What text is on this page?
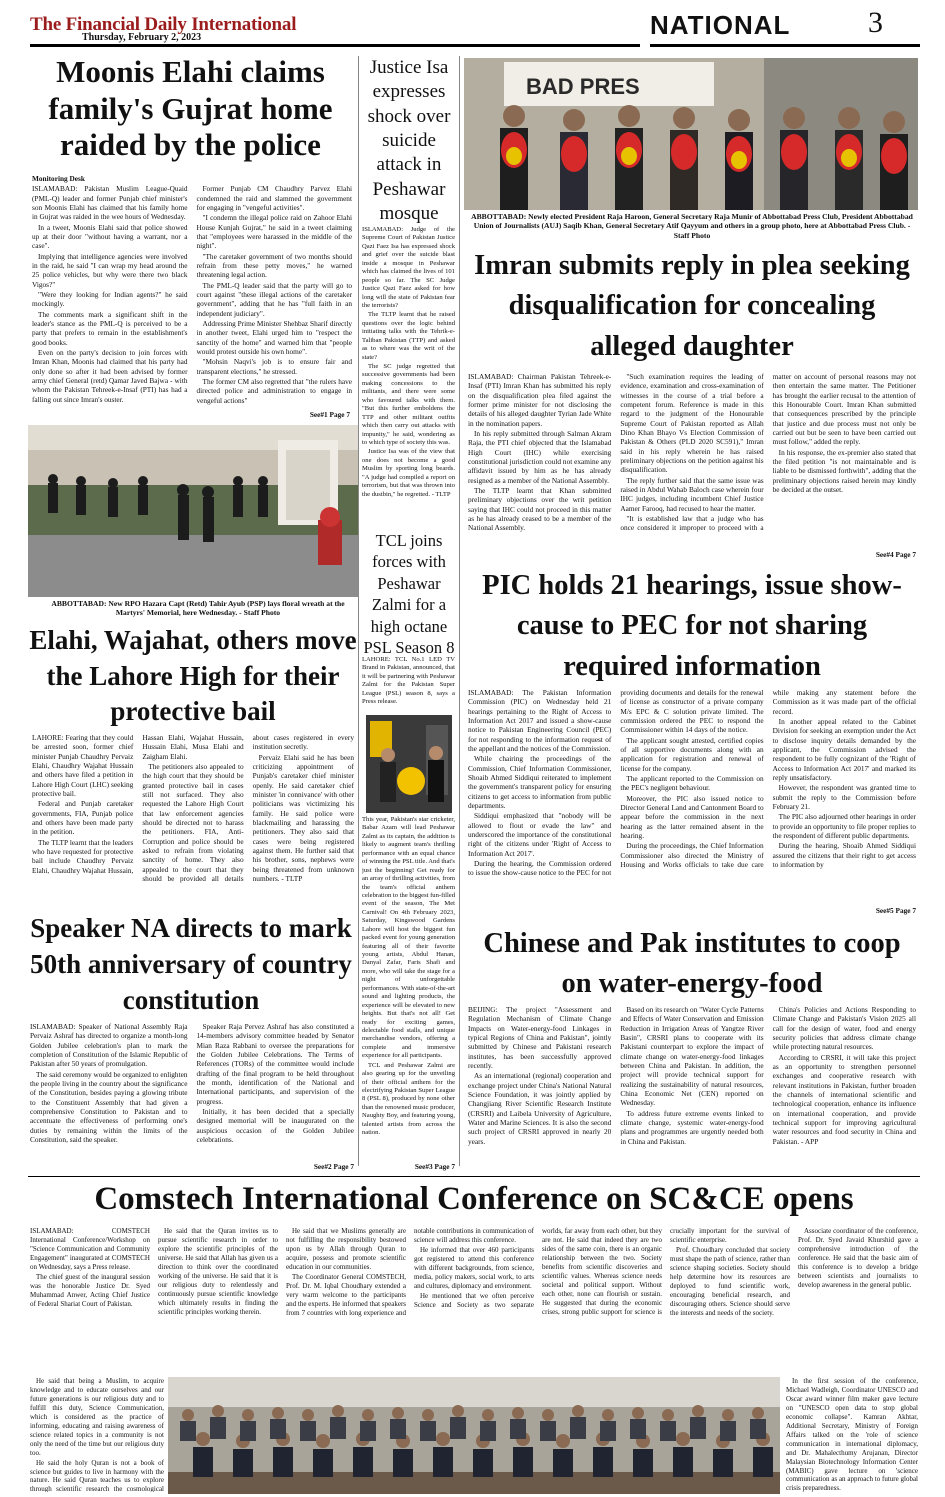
The Financial Daily International
Thursday, February 2, 2023	NATIONAL	3
Moonis Elahi claims family's Gujrat home raided by the police
Monitoring Desk

ISLAMABAD: Pakistan Muslim League-Quaid (PML-Q) leader and former Punjab chief minister's son Moonis Elahi has claimed that his family home in Gujrat was raided in the wee hours of Wednesday.

In a tweet, Moonis Elahi said that police showed up at their door "without having a warrant, nor a case".

Implying that intelligence agencies were involved in the raid, he said "I can wrap my head around the 25 police vehicles, but why were there two black Vigos?"

"Were they looking for Indian agents?" he said mockingly.

The comments mark a significant shift in the leader's stance as the PML-Q is perceived to be a party that prefers to remain in the establishment's good books.

Even on the party's decision to join forces with Imran Khan, Moonis had claimed that his party had only done so after it had been advised by former army chief General (retd) Qamar Javed Bajwa - with whom the Pakistan Tehreek-e-Insaf (PTI) has had a falling out since Imran's ouster.

Former Punjab CM Chaudhry Parvez Elahi condemned the raid and slammed the government for engaging in "vengeful activities".

"I condemn the illegal police raid on Zahoor Elahi House Kunjah Gujrat," he said in a tweet claiming that "employees were harassed in the middle of the night".

"The caretaker government of two months should refrain from these petty moves," he warned threatening legal action.

The PML-Q leader said that the party will go to court against "these illegal actions of the caretaker government", adding that he has "full faith in an independent judiciary".

Addressing Prime Minister Shehbaz Sharif directly in another tweet, Elahi urged him to "respect the sanctity of the home" and warned him that "people would protest outside his own home".

"Mohsin Naqvi's job is to ensure fair and transparent elections," he stressed.

The former CM also regretted that "the rulers have directed police and administration to engage in vengeful actions"

See#1 Page 7
ABBOTTABAD: New RPO Hazara Capt (Retd) Tahir Ayub (PSP) lays floral wreath at the Martyrs' Memorial, here Wednesday. - Staff Photo
Elahi, Wajahat, others move the Lahore High for their protective bail

LAHORE: Fearing that they could be arrested soon, former chief minister Punjab Chaudhry Pervaiz Elahi, Chaudhry Wajahat Hussain and others have filed a petition in Lahore High Court (LHC) seeking protective bail.

Federal and Punjab caretaker governments, FIA, Punjab police and others have been made party in the petition.

The TLTP learnt that the leaders who have requested for protective bail include Chaudhry Pervaiz Elahi, Chaudhry Wajahat Hussain, Hassan Elahi, Wajahat Hussain, Hussain Elahi, Musa Elahi and Zaigham Elahi.

The petitioners also appealed to the high court that they should be granted protective bail in cases still not surfaced. They also requested the Lahore High Court that law enforcement agencies should be directed not to harass the petitioners. FIA, Anti-Corruption and police should be asked to refrain from violating sanctity of home. They also appealed to the court that they should be provided all details about cases registered in every institution secretly.

Pervaiz Elahi said he has been criticizing appointment of Punjab's caretaker chief minister openly. He said caretaker chief minister 'in connivance' with other politicians was victimizing his family. He said police were blackmailing and harassing the petitioners. They also said that cases were being registered against them. He further said that his brother, sons, nephews were being threatened from unknown numbers. - TLTP

Speaker NA directs to mark 50th anniversary of country constitution

ISLAMABAD: Speaker of National Assembly Raja Pervaiz Ashraf has directed to organize a month-long Golden Jubilee celebration's plan to mark the completion of Constitution of the Islamic Republic of Pakistan after 50 years of promulgation.

The said ceremony would be organized to enlighten the people living in the country about the significance of the Constitution, besides paying a glowing tribute to the Constituent Assembly that had given a comprehensive Constitution to Pakistan and to accentuate the effectiveness of performing one's duties by remaining within the limits of the Constitution, said the speaker.

Speaker Raja Pervez Ashraf has also constituted a 14-members advisory committee headed by Senator Mian Raza Rabbani to oversee the preparations for the Golden Jubilee Celebrations. The Terms of References (TORs) of the committee would include drafting of the final program to be held throughout the month, identification of the National and International participants, and supervision of the progress.

Initially, it has been decided that a specially designed memorial will be inaugurated on the auspicious occasion of the Golden Jubilee celebrations.

See#2 Page 7
Justice Isa expresses shock over suicide attack in Peshawar mosque

ISLAMABAD: Judge of the Supreme Court of Pakistan Justice Qazi Faez Isa has expressed shock and grief over the suicide blast inside a mosque in Peshawar which has claimed the lives of 101 people so far. The SC Judge Justice Qazi Faez asked for how long will the state of Pakistan fear the terrorists?

The TLTP learnt that he raised questions over the logic behind initiating talks with the Tehrik-e-Taliban Pakistan (TTP) and asked as to where was the writ of the state?

The SC judge regretted that successive governments had been making concessions to the militants, and there were some who favoured talks with them. "But this further emboldens the TTP and other militant outfits which then carry out attacks with impunity," he said, wondering as to which type of society this was.

Justice Isa was of the view that one does not become a good Muslim by sporting long beards. "A judge had compiled a report on terrorism, but that was thrown into the dustbin," he regretted. - TLTP

TCL joins forces with Peshawar Zalmi for a high octane PSL Season 8

LAHORE: TCL No.1 LED TV Brand in Pakistan, announced, that it will be partnering with Peshawar Zalmi for the Pakistan Super League (PSL) season 8, says a Press release.

This year, Pakistan's star cricketer, Babar Azam will lead Peshawar Zalmi as its captain, the addition is likely to augment team's thrilling performance with an equal chance of winning the PSL title. And that's just the beginning! Get ready for an array of thrilling activities, from the team's official anthem celebration to the biggest fun-filled event of the season, The Met Carnival! On 4th February 2023, Saturday, Kingswood Gardens Lahore will host the biggest fun packed event for young generation featuring all of their favorite young artists, Abdul Hanan, Danyal Zafar, Faris Shafi and more, who will take the stage for a night of unforgettable performances. With state-of-the-art sound and lighting products, the experience will be elevated to new heights. But that's not all! Get ready for exciting games, delectable food stalls, and unique merchandise vendors, offering a complete and immersive experience for all participants.

TCL and Peshawar Zalmi are also gearing up for the unveiling of their official anthem for the electrifying Pakistan Super League 8 (PSL 8), produced by none other than the renowned music producer, Naughty Boy, and featuring young, talented artists from across the nation.

See#3 Page 7
BAD PRES
ABBOTTABAD: Newly elected President Raja Haroon, General Secretary Raja Munir of Abbottabad Press Club, President Abbottabad Union of Journalists (AUJ) Saqib Khan, General Secretary Atif Qayyum and others in a group photo, here at Abbottabad Press Club. - Staff Photo
Imran submits reply in plea seeking disqualification for concealing alleged daughter

ISLAMABAD: Chairman Pakistan Tehreek-e-Insaf (PTI) Imran Khan has submitted his reply on the disqualification plea filed against the former prime minister for not disclosing the details of his alleged daughter Tyrian Jade White in the nomination papers.

In his reply submitted through Salman Akram Raja, the PTI chief objected that the Islamabad High Court (IHC) while exercising constitutional jurisdiction could not examine any affidavit issued by him as he has already resigned as a member of the National Assembly.

The TLTP learnt that Khan submitted preliminary objections over the writ petition saying that IHC could not proceed in this matter as he has already ceased to be a member of the National Assembly.

"Such examination requires the leading of evidence, examination and cross-examination of witnesses in the course of a trial before a competent forum. Reference is made in this regard to the judgment of the Honourable Supreme Court of Pakistan reported as Allah Dino Khan Bhayo Vs Election Commission of Pakistan & Others (PLD 2020 SC591)," Imran said in his reply wherein he has raised preliminary objections on the petition against his disqualification.

The reply further said that the same issue was raised in Abdul Wahab Baloch case wherein four IHC judges, including incumbent Chief Justice Aamer Farooq, had recused to hear the matter.

"It is established law that a judge who has once considered it improper to proceed with a matter on account of personal reasons may not then entertain the same matter. The Petitioner has brought the earlier recusal to the attention of this Honourable Court. Imran Khan submitted that consequences prescribed by the principle that justice and due process must not only be carried out but be seen to have been carried out must follow," added the reply.

In his response, the ex-premier also stated that the filed petition "is not maintainable and is liable to be dismissed forthwith", adding that the preliminary objections raised herein may kindly be decided at the outset.

See#4 Page 7
PIC holds 21 hearings, issue show-cause to PEC for not sharing required information

ISLAMABAD: The Pakistan Information Commission (PIC) on Wednesday held 21 hearings pertaining to the Right of Access to Information Act 2017 and issued a show-cause notice to Pakistan Engineering Council (PEC) for not responding to the information request of the appellant and the notices of the Commission.

While chairing the proceedings of the Commission, Chief Information Commissioner, Shoaib Ahmed Siddiqui reiterated to implement the government's transparent policy for ensuring citizens to get access to information from public departments.

Siddiqui emphasized that "nobody will be allowed to flout or evade the law" and underscored the importance of the constitutional right of the citizens under 'Right of Access to Information Act 2017'.

During the hearing, the Commission ordered to issue the show-cause notice to the PEC for not providing documents and details for the renewal of license as constructor of a private company M/s EPC & C solution private limited. The commission ordered the PEC to respond the Commissioner within 14 days of the notice.

The applicant sought attested, certified copies of all supportive documents along with an application for registration and renewal of license for the company.

The applicant reported to the Commission on the PEC's negligent behaviour.

Moreover, the PIC also issued notice to Director General Land and Cantonment Board to appear before the commission in the next hearing as the latter remained absent in the hearing.

During the proceedings, the Chief Information Commissioner also directed the Ministry of Housing and Works officials to take due care while making any statement before the Commission as it was made part of the official record.

In another appeal related to the Cabinet Division for seeking an exemption under the Act to disclose inquiry details demanded by the applicant, the Commission advised the respondent to be fully cognizant of the 'Right of Access to Information Act 2017' and marked its reply unsatisfactory.

However, the respondent was granted time to submit the reply to the Commission before February 21.

The PIC also adjourned other hearings in order to provide an opportunity to file proper replies to the respondent of different public departments.

During the hearing, Shoaib Ahmed Siddiqui assured the citizens that their right to get access to information by

See#5 Page 7
Chinese and Pak institutes to coop on water-energy-food

BEIJING: The project "Assessment and Regulation Mechanism of Climate Change Impacts on Water-energy-food Linkages in typical Regions of China and Pakistan", jointly submitted by Chinese and Pakistani research institutes, has been successfully approved recently.

As an international (regional) cooperation and exchange project under China's National Natural Science Foundation, it was jointly applied by Changjiang River Scientific Research Institute (CRSRI) and Laibela University of Agriculture, Water and Marine Sciences. It is also the second such project of CRSRI approved in nearly 20 years.

Based on its research on "Water Cycle Patterns and Effects of Water Conservation and Emission Reduction in Irrigation Areas of Yangtze River Basin", CRSRI plans to cooperate with its Pakistani counterpart to explore the impact of climate change on water-energy-food linkages between China and Pakistan. In addition, the project will provide technical support for realizing the sustainability of natural resources, China Economic Net (CEN) reported on Wednesday.

To address future extreme events linked to climate change, systemic water-energy-food plans and programmes are urgently needed both in China and Pakistan.

China's Policies and Actions Responding to Climate Change and Pakistan's Vision 2025 all call for the design of water, food and energy security policies that address climate change while protecting natural resources.

According to CRSRI, it will take this project as an opportunity to strengthen personnel exchanges and cooperative research with relevant institutions in Pakistan, further broaden the channels of international scientific and technological cooperation, enhance its influence on international cooperation, and provide technical support for improving agricultural water resources and food security in China and Pakistan. - APP

Comstech International Conference on SC&CE opens

ISLAMABAD: COMSTECH International Conference/Workshop on "Science Communication and Community Engagement" inaugurated at COMSTECH on Wednesday, says a Press release.

The chief guest of the inaugural session was the honorable Justice Dr. Syed Muhammad Anwer, Acting Chief Justice of Federal Shariat Court of Pakistan.

He said that the Quran invites us to pursue scientific research in order to explore the scientific principles of the universe. He said that Allah has given us a direction to think over the coordinated working of the universe. He said that it is our religious duty to relentlessly and continuously pursue scientific knowledge which ultimately results in finding the scientific principles working therein.

He said that we Muslims generally are not fulfilling the responsibility bestowed upon us by Allah through Quran to acquire, possess and promote scientific education in our communities.

The Coordinator General COMSTECH, Prof. Dr. M. Iqbal Choudhary extended a very warm welcome to the participants and the experts. He informed that speakers from 7 countries with long experience and notable contributions in communication of science will address this conference.

He informed that over 460 participants got registered to attend this conference with different backgrounds, from science, media, policy makers, social work, to arts and cultures, diplomacy and environment.

He mentioned that we often perceive Science and Society as two separate worlds, far away from each other, but they are not. He said that indeed they are two sides of the same coin, there is an organic relationship between the two. Society benefits from scientific discoveries and scientific values. Whereas science needs societal and political support. Without each other, none can flourish or sustain. He suggested that during the economic crises, strong public support for science is crucially important for the survival of scientific enterprise.

Prof. Choudhary concluded that society must shape the path of science, rather than science shaping societies. Society should help determine how its resources are deployed to fund scientific work, encouraging beneficial research, and discouraging others. Science should serve the interests and needs of the society.

Associate coordinator of the conference, Prof. Dr. Syed Javaid Khurshid gave a comprehensive introduction of the conference. He said that the basic aim of this conference is to develop a bridge between scientists and journalists to develop awareness in the general public.

He said that being a Muslim, to acquire knowledge and to educate ourselves and our future generations is our religious duty and to fulfill this duty, Science Communication, which is considered as the practice of informing, educating and raising awareness of science related topics in a community is not only the need of the time but our religious duty too.

He said the holy Quran is not a book of science but guides to live in harmony with the nature. He said Quran teaches us to explore through scientific research the cosmological

In the first session of the conference, Michael Wadleigh, Coordinator UNESCO and Oscar award winner film maker gave lecture on "UNESCO open data to stop global economic collapse". Kamran Akhtar, Additional Secretary, Ministry of Foreign Affairs talked on the 'role of science communication in international diplomacy, and Dr. Mahalecthumy Arujanan, Director Malaysian Biotechnology Information Center (MABIC) gave lecture on 'science communication as an approach to future global crisis preparedness.
